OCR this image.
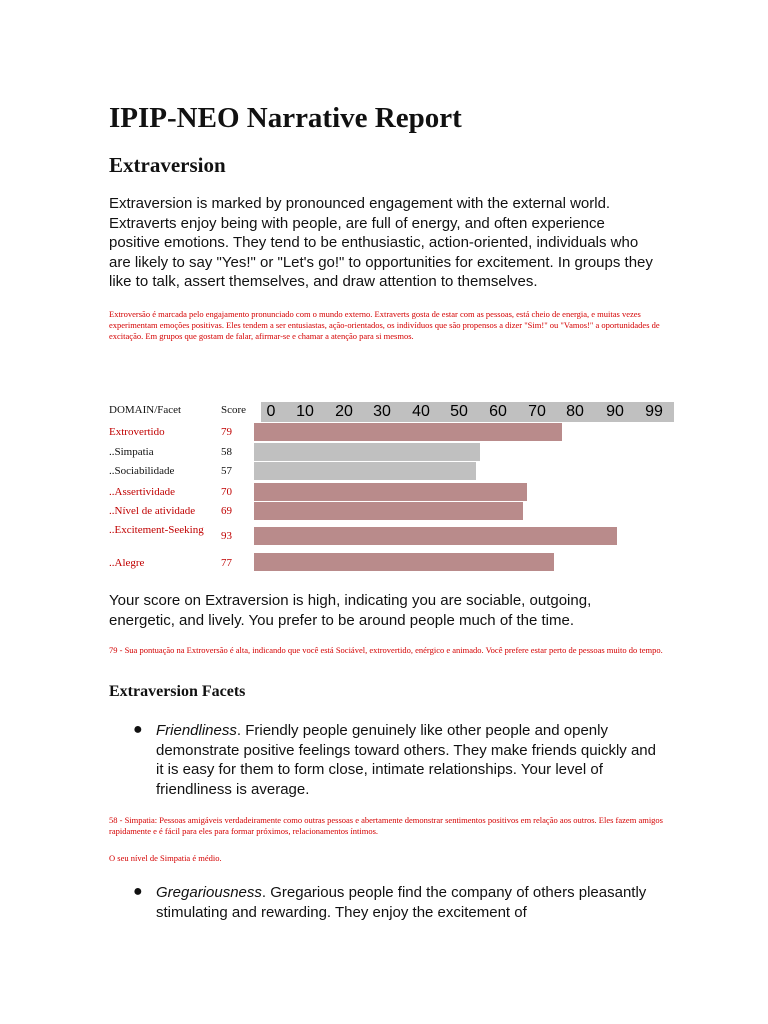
IPIP-NEO Narrative Report
Extraversion

Extraversion is marked by pronounced engagement with the external world. Extraverts enjoy being with people, are full of energy, and often experience positive emotions. They tend to be enthusiastic, action-oriented, individuals who are likely to say "Yes!" or "Let's go!" to opportunities for excitement. In groups they like to talk, assert themselves, and draw attention to themselves.

Extroversão é marcada pelo engajamento pronunciado com o mundo externo. Extraverts gosta de estar com as pessoas, está cheio de energia, e muitas vezes experimentam emoções positivas. Eles tendem a ser entusiastas, ação-orientados, os indivíduos que são propensos a dizer "Sim!" ou "Vamos!" a oportunidades de excitação. Em grupos que gostam de falar, afirmar-se e chamar a atenção para si mesmos.

DOMAIN/Facet	Score 0 10 20 30 40 50 60 70 80 90 99
Extrovertido	79
..Simpatia	58
..Sociabilidade	57
..Assertividade	70
..Nível de atividade	69
..Excitement-Seeking	93
..Alegre	77

Your score on Extraversion is high, indicating you are sociable, outgoing, energetic, and lively. You prefer to be around people much of the time.

79 - Sua pontuação na Extroversão é alta, indicando que você está Sociável, extrovertido, enérgico e animado. Você prefere estar perto de pessoas muito do tempo.

Extraversion Facets
● Friendliness. Friendly people genuinely like other people and openly demonstrate positive feelings toward others. They make friends quickly and it is easy for them to form close, intimate relationships. Your level of friendliness is average.

58 - Simpatia: Pessoas amigáveis verdadeiramente como outras pessoas e abertamente demonstrar sentimentos positivos em relação aos outros. Eles fazem amigos rapidamente e é fácil para eles para formar próximos, relacionamentos íntimos.

O seu nível de Simpatia é médio.

● Gregariousness. Gregarious people find the company of others pleasantly stimulating and rewarding. They enjoy the excitement of
